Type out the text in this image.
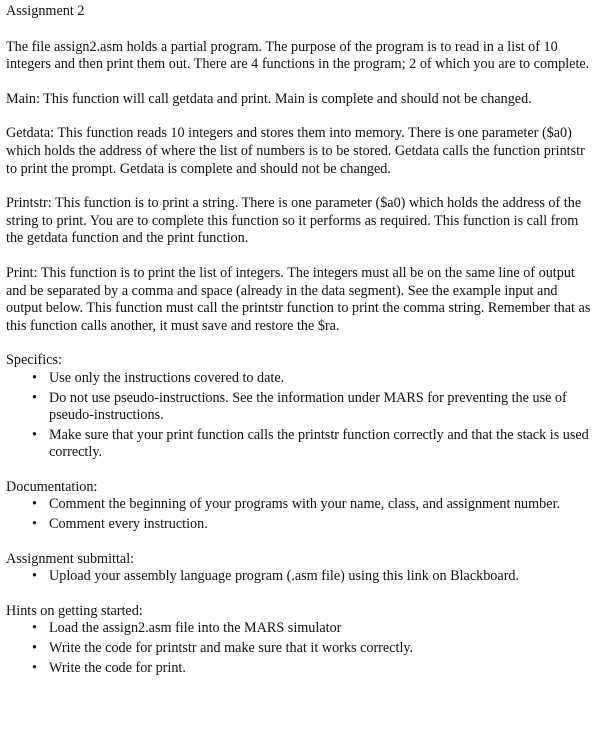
Assignment 2

The file assign2.asm holds a partial program. The purpose of the program is to read in a list of 10 integers and then print them out. There are 4 functions in the program; 2 of which you are to complete.

Main: This function will call getdata and print. Main is complete and should not be changed.

Getdata: This function reads 10 integers and stores them into memory. There is one parameter ($a0) which holds the address of where the list of numbers is to be stored. Getdata calls the function printstr to print the prompt. Getdata is complete and should not be changed.

Printstr: This function is to print a string. There is one parameter ($a0) which holds the address of the string to print. You are to complete this function so it performs as required. This function is call from the getdata function and the print function.

Print: This function is to print the list of integers. The integers must all be on the same line of output and be separated by a comma and space (already in the data segment). See the example input and output below. This function must call the printstr function to print the comma string. Remember that as this function calls another, it must save and restore the $ra.

Specifics:
• Use only the instructions covered to date.
• Do not use pseudo-instructions. See the information under MARS for preventing the use of pseudo-instructions.
• Make sure that your print function calls the printstr function correctly and that the stack is used correctly.
Documentation:
• Comment the beginning of your programs with your name, class, and assignment number.
• Comment every instruction.
Assignment submittal:
• Upload your assembly language program (.asm file) using this link on Blackboard.
Hints on getting started:
• Load the assign2.asm file into the MARS simulator
• Write the code for printstr and make sure that it works correctly.
• Write the code for print.
